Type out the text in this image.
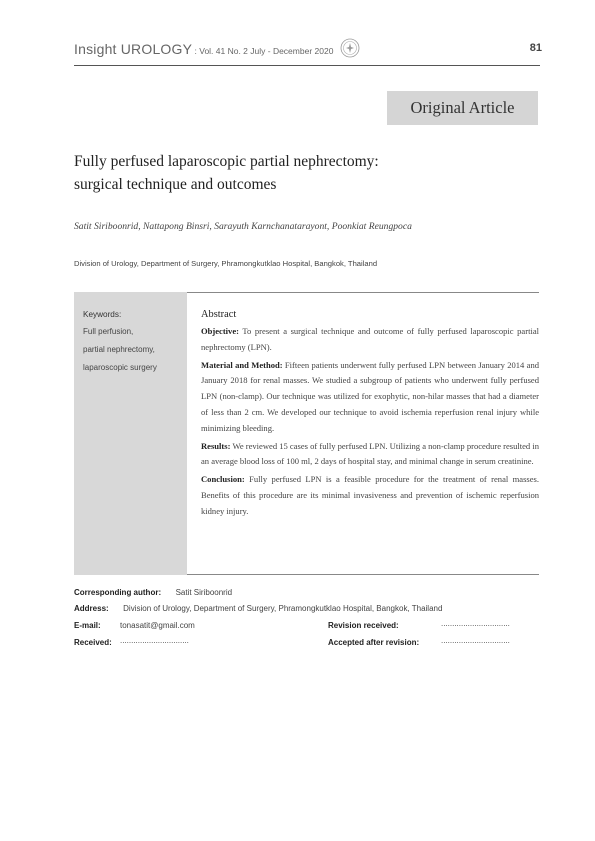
Insight UROLOGY : Vol. 41 No. 2 July - December 2020	81
Original Article
Fully perfused laparoscopic partial nephrectomy:
surgical technique and outcomes
Satit Siriboonrid, Nattapong Binsri, Sarayuth Karnchanatarayont, Poonkiat Reungpoca
Division of Urology, Department of Surgery, Phramongkutklao Hospital, Bangkok, Thailand
Keywords:
Full perfusion,
partial nephrectomy,
laparoscopic surgery
Abstract

Objective: To present a surgical technique and outcome of fully perfused laparoscopic partial nephrectomy (LPN).

Material and Method: Fifteen patients underwent fully perfused LPN between January 2014 and January 2018 for renal masses. We studied a subgroup of patients who underwent fully perfused LPN (non-clamp). Our technique was utilized for exophytic, non-hilar masses that had a diameter of less than 2 cm. We developed our technique to avoid ischemia reperfusion renal injury while minimizing bleeding.

Results: We reviewed 15 cases of fully perfused LPN. Utilizing a non-clamp procedure resulted in an average blood loss of 100 ml, 2 days of hospital stay, and minimal change in serum creatinine.

Conclusion: Fully perfused LPN is a feasible procedure for the treatment of renal masses. Benefits of this procedure are its minimal invasiveness and prevention of ischemic reperfusion kidney injury.

Corresponding author: Satit Siriboonrid
Address: Division of Urology, Department of Surgery, Phramongkutklao Hospital, Bangkok, Thailand
E-mail: tonasatit@gmail.com	Revision received:	...............................
Received: ...............................	Accepted after revision:	...............................
